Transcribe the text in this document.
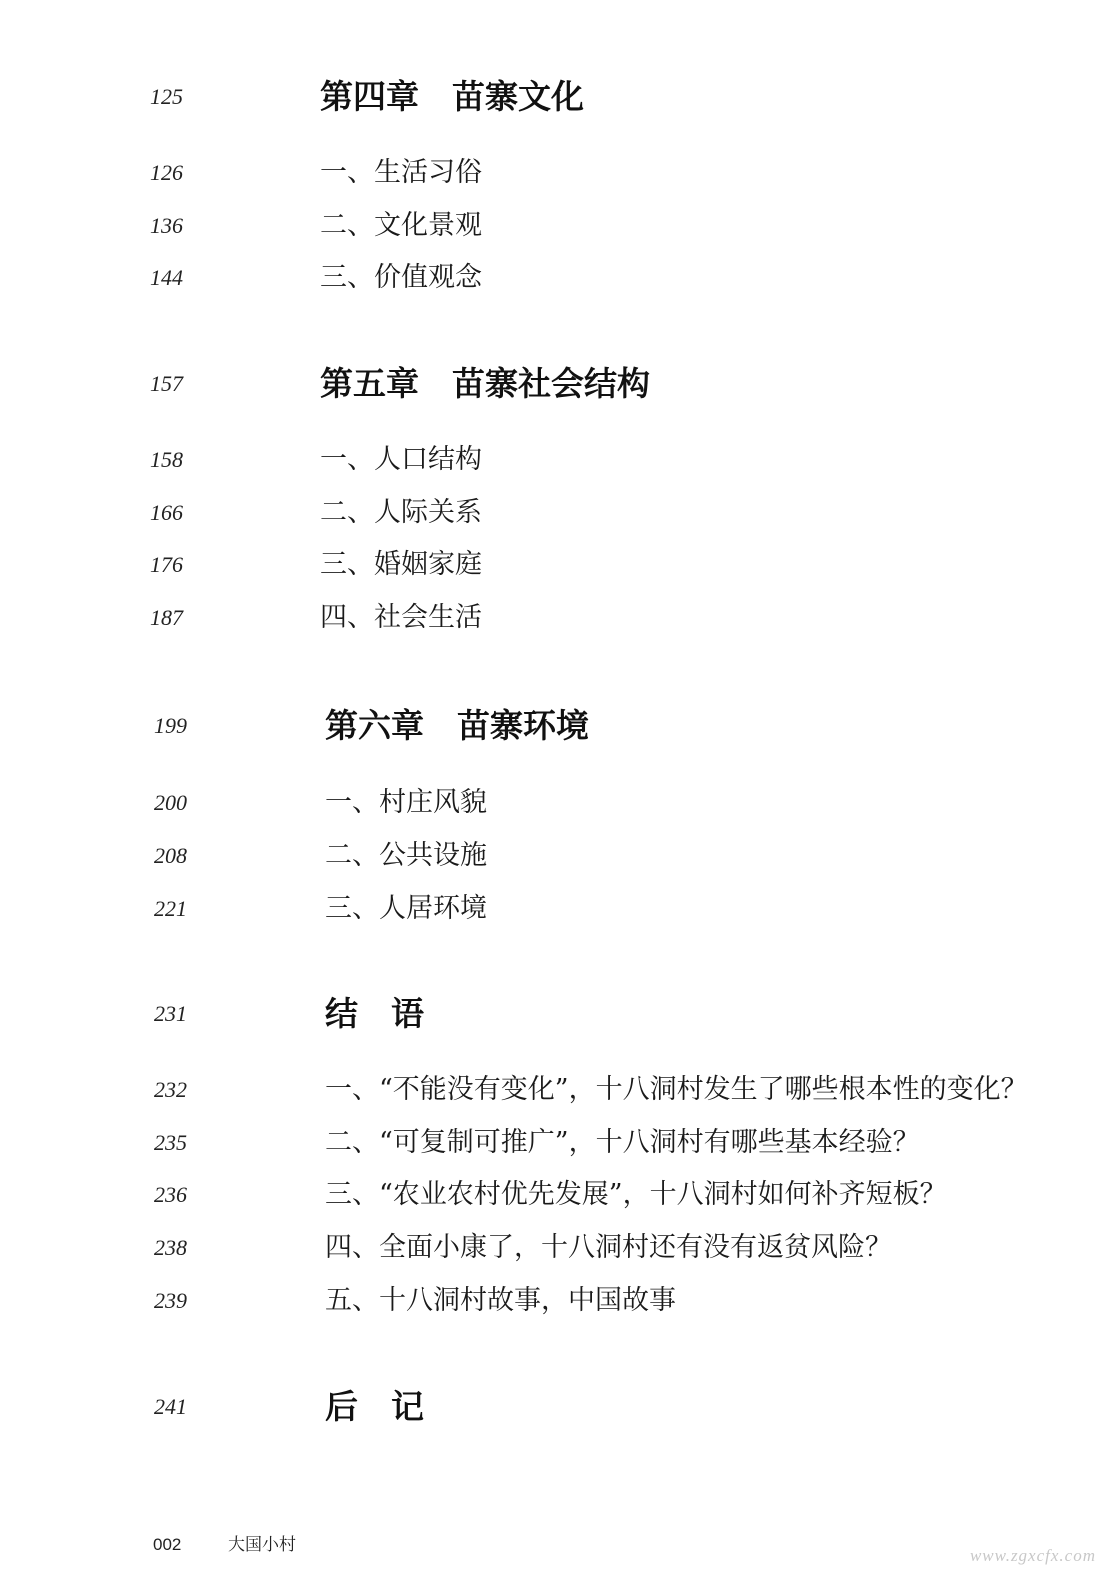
125	第四章　苗寨文化
126	一、生活习俗
136	二、文化景观
144	三、价值观念
157	第五章　苗寨社会结构
158	一、人口结构
166	二、人际关系
176	三、婚姻家庭
187	四、社会生活
199	第六章　苗寨环境
200	一、村庄风貌
208	二、公共设施
221	三、人居环境
231	结　语
232	一、“不能没有变化”，十八洞村发生了哪些根本性的变化？
235	二、“可复制可推广”，十八洞村有哪些基本经验？
236	三、“农业农村优先发展”，十八洞村如何补齐短板？
238	四、全面小康了，十八洞村还有没有返贫风险？
239	五、十八洞村故事，中国故事
241	后　记
002	大国小村
www.zgxcfx.com
